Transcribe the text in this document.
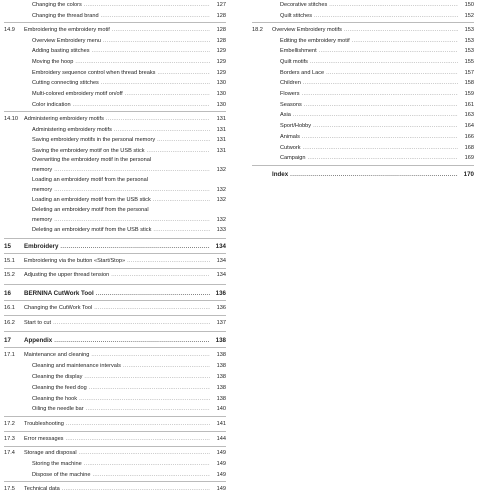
Changing the colors .....	127
Changing the thread brand .....	128
14.9	Embroidering the embroidery motif .....	128
Overview Embroidery menu .....	128
Adding basting stitches .....	129
Moving the hoop .....	129
Embroidery sequence control when thread breaks .....	129
Cutting connecting stitches .....	130
Multi-colored embroidery motif on/off .....	130
Color indication .....	130
14.10	Administering embroidery motifs .....	131
Administering embroidery motifs .....	131
Saving embroidery motifs in the personal memory .....	131
Saving the embroidery motif on the USB stick .....	131
Overwriting the embroidery motif in the personal
memory .....	132
Loading an embroidery motif from the personal
memory .....	132
Loading an embroidery motif from the USB stick .....	132
Deleting an embroidery motif from the personal
memory .....	132
Deleting an embroidery motif from the USB stick .....	133
15	Embroidery .....	134
15.1	Embroidering via the button «Start/Stop» .....	134
15.2	Adjusting the upper thread tension .....	134
16	BERNINA CutWork Tool .....	136
16.1	Changing the CutWork Tool .....	136
16.2	Start to cut .....	137
17	Appendix .....	138
17.1	Maintenance and cleaning .....	138
Cleaning and maintenance intervals .....	138
Cleaning the display .....	138
Cleaning the feed dog .....	138
Cleaning the hook .....	138
Oiling the needle bar .....	140
17.2	Troubleshooting .....	141
17.3	Error messages .....	144
17.4	Storage and disposal .....	149
Storing the machine .....	149
Dispose of the machine .....	149
17.5	Technical data .....	149
Decorative stitches .....	150
Quilt stitches .....	152
18.2	Overview Embroidery motifs .....	153
Editing the embroidery motif .....	153
Embellishment .....	153
Quilt motifs .....	155
Borders and Lace .....	157
Children .....	158
Flowers .....	159
Seasons .....	161
Asia .....	163
Sport/Hobby .....	164
Animals .....	166
Cutwork .....	168
Campaign .....	169
Index .....	170
